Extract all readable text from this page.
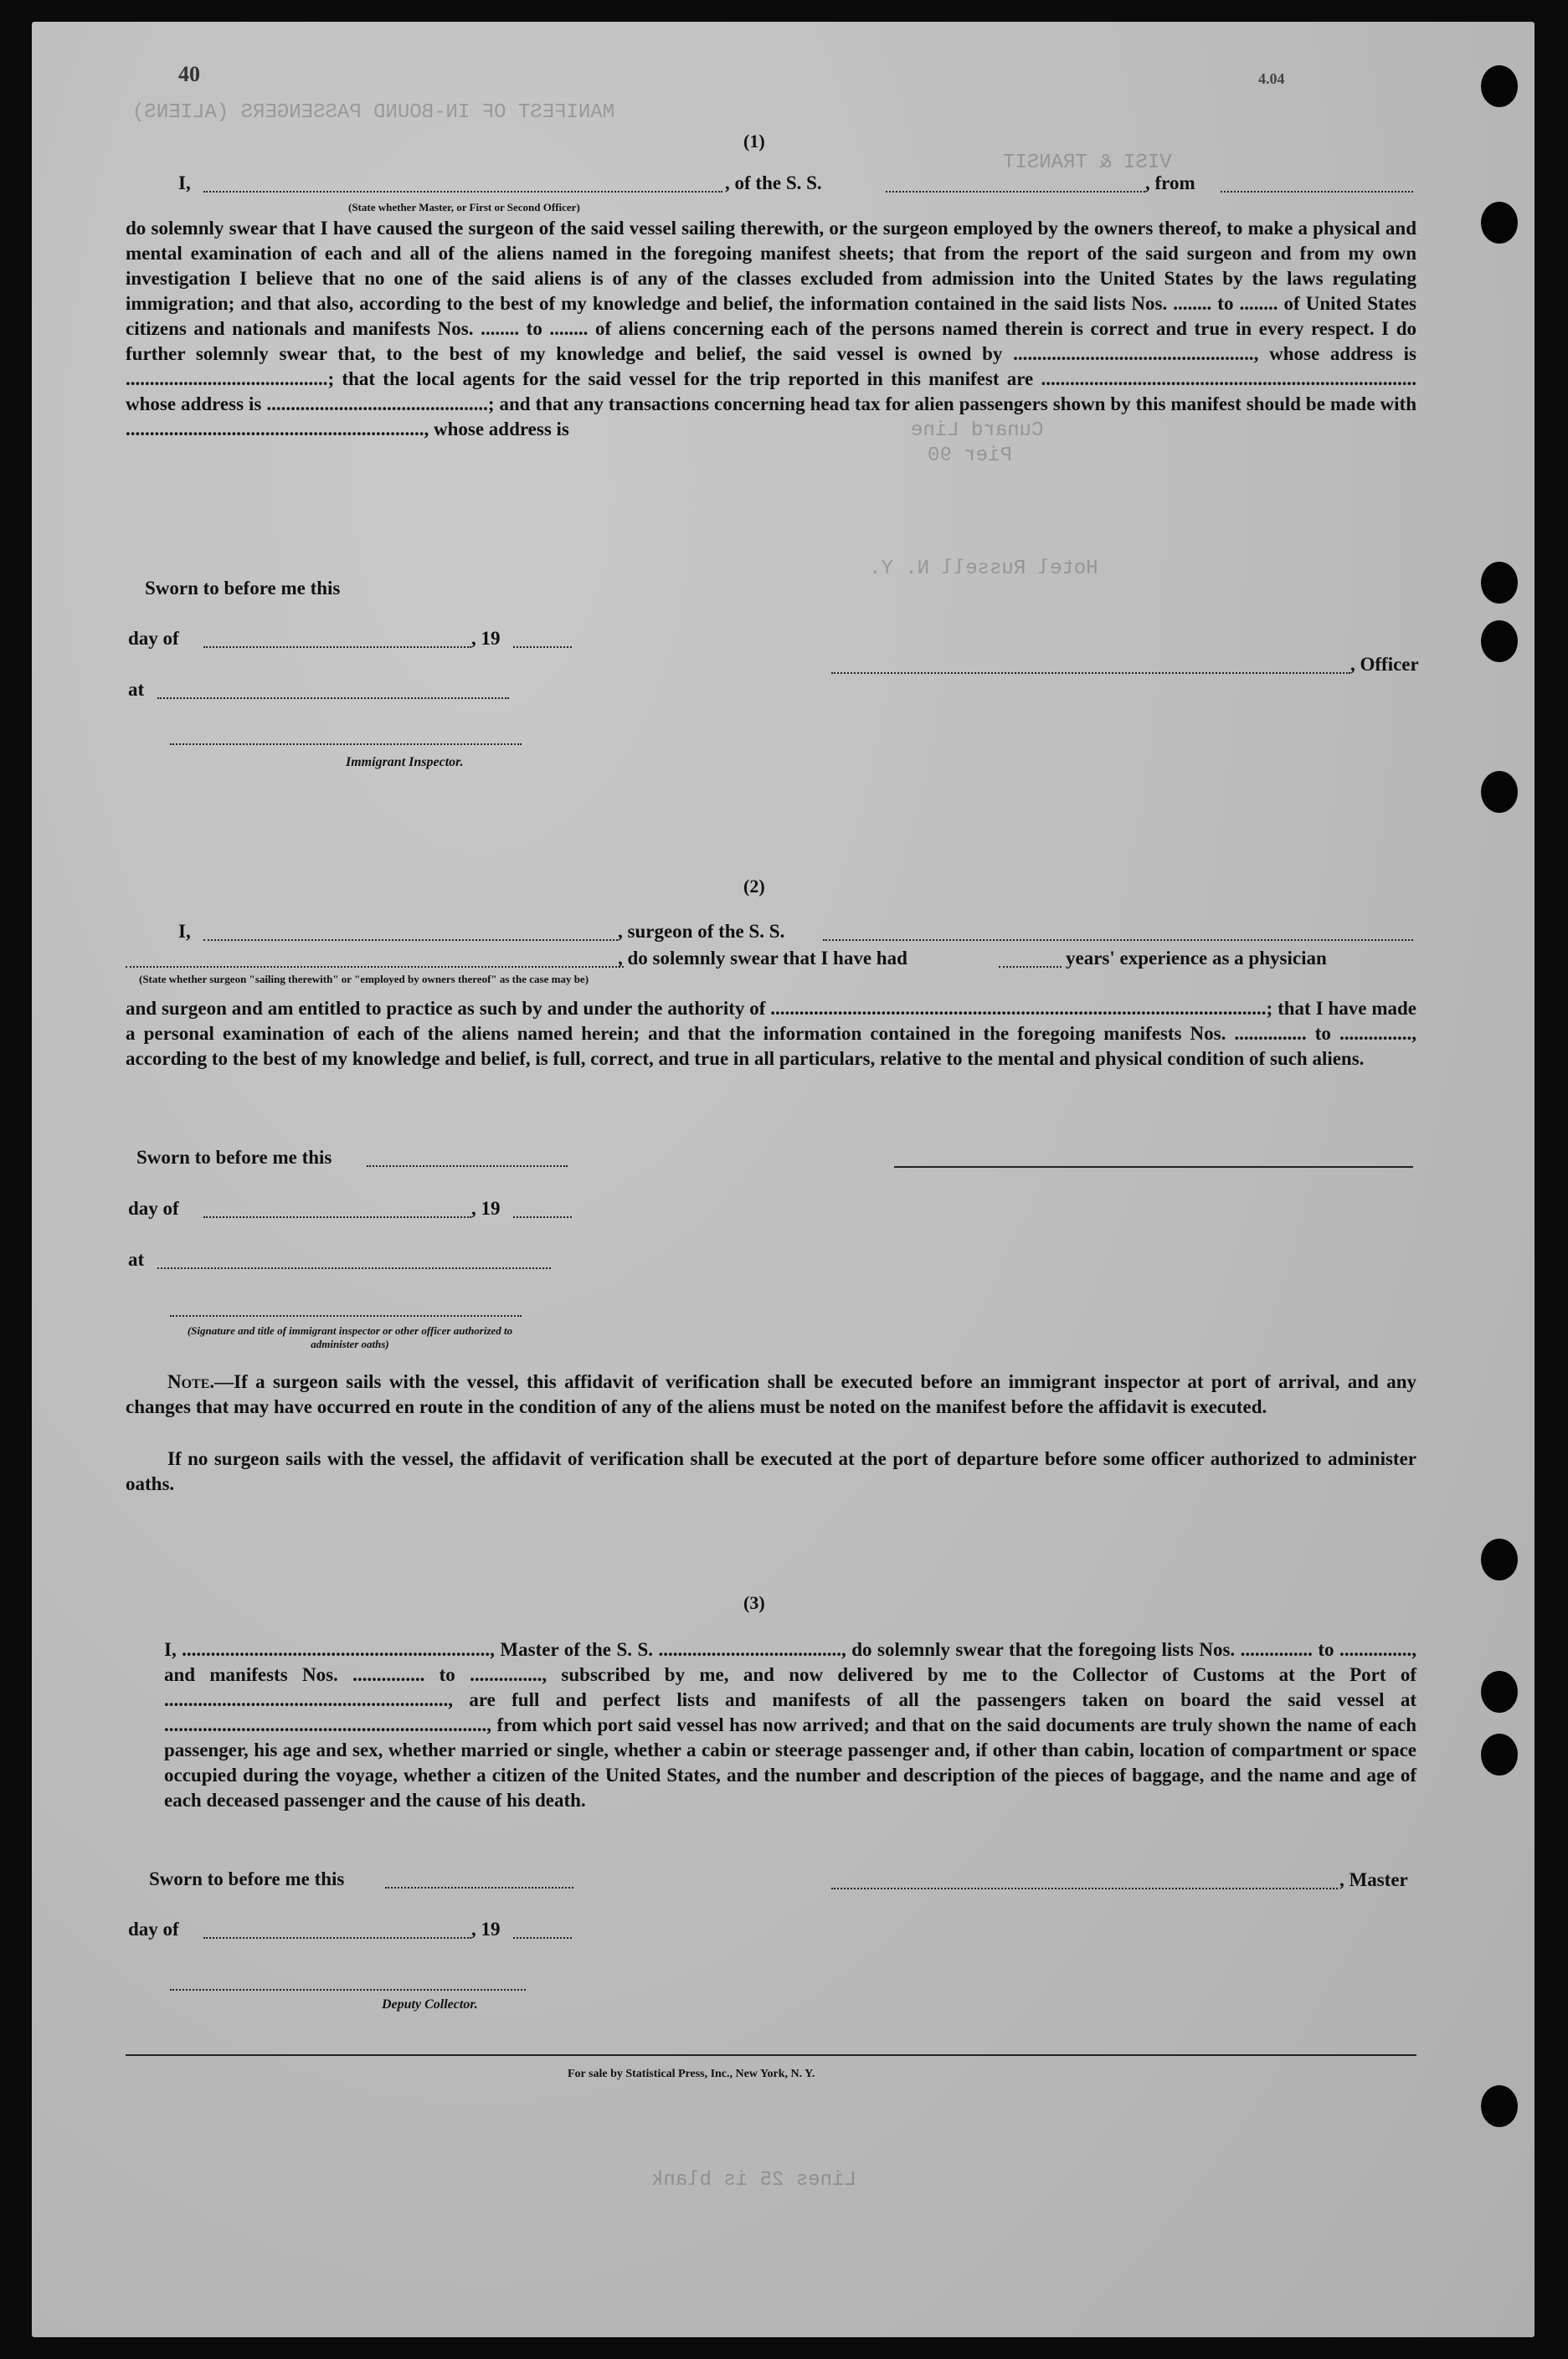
MANIFEST OF IN-BOUND PASSENGERS (ALIENS)
VISI & TRANSIT
Hotel Russell N. Y.
Cunard Line
Pier 90
Lines 25 is blank
40	4.04
(1)
I,	, of the S. S.	, from
(State whether Master, or First or Second Officer)
do solemnly swear that I have caused the surgeon of the said vessel sailing therewith, or the surgeon employed by the owners thereof, to make a physical and mental examination of each and all of the aliens named in the foregoing manifest sheets; that from the report of the said surgeon and from my own investigation I believe that no one of the said aliens is of any of the classes excluded from admission into the United States by the laws regulating immigration; and that also, according to the best of my knowledge and belief, the information contained in the said lists Nos. ........ to ........ of United States citizens and nationals and manifests Nos. ........ to ........ of aliens concerning each of the persons named therein is correct and true in every respect. I do further solemnly swear that, to the best of my knowledge and belief, the said vessel is owned by .................................................., whose address is ..........................................; that the local agents for the said vessel for the trip reported in this manifest are .............................................................................. whose address is ..............................................; and that any transactions concerning head tax for alien passengers shown by this manifest should be made with .............................................................., whose address is
Sworn to before me this
day of	, 19
at
Immigrant Inspector.
, Officer
(2)
I,	, surgeon of the S. S.
, do solemnly swear that I have had	years' experience as a physician
(State whether surgeon "sailing therewith" or "employed by owners thereof" as the case may be)
and surgeon and am entitled to practice as such by and under the authority of .......................................................................................................; that I have made a personal examination of each of the aliens named herein; and that the information contained in the foregoing manifests Nos. ............... to ..............., according to the best of my knowledge and belief, is full, correct, and true in all particulars, relative to the mental and physical condition of such aliens.
Sworn to before me this
day of	, 19
at
(Signature and title of immigrant inspector or other officer authorized to administer oaths)
Note.—If a surgeon sails with the vessel, this affidavit of verification shall be executed before an immigrant inspector at port of arrival, and any changes that may have occurred en route in the condition of any of the aliens must be noted on the manifest before the affidavit is executed.
If no surgeon sails with the vessel, the affidavit of verification shall be executed at the port of departure before some officer authorized to administer oaths.
(3)
I, ................................................................, Master of the S. S. ......................................, do solemnly swear that the foregoing lists Nos. ............... to ..............., and manifests Nos. ............... to ..............., subscribed by me, and now delivered by me to the Collector of Customs at the Port of ..........................................................., are full and perfect lists and manifests of all the passengers taken on board the said vessel at ..................................................................., from which port said vessel has now arrived; and that on the said documents are truly shown the name of each passenger, his age and sex, whether married or single, whether a cabin or steerage passenger and, if other than cabin, location of compartment or space occupied during the voyage, whether a citizen of the United States, and the number and description of the pieces of baggage, and the name and age of each deceased passenger and the cause of his death.
Sworn to before me this
day of	, 19
Deputy Collector.
, Master
For sale by Statistical Press, Inc., New York, N. Y.
